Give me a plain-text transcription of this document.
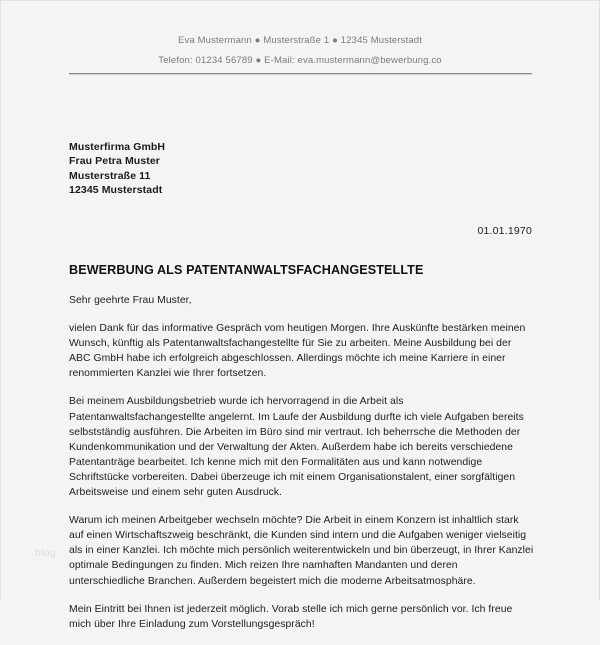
Eva Mustermann ● Musterstraße 1 ● 12345 Musterstadt
Telefon: 01234 56789 ● E-Mail: eva.mustermann@bewerbung.co
Musterfirma GmbH
Frau Petra Muster
Musterstraße 11
12345 Musterstadt
01.01.1970
BEWERBUNG ALS PATENTANWALTSFACHANGESTELLTE

Sehr geehrte Frau Muster,

vielen Dank für das informative Gespräch vom heutigen Morgen. Ihre Auskünfte bestärken meinen Wunsch, künftig als Patentanwaltsfachangestellte für Sie zu arbeiten. Meine Ausbildung bei der ABC GmbH habe ich erfolgreich abgeschlossen. Allerdings möchte ich meine Karriere in einer renommierten Kanzlei wie Ihrer fortsetzen.

Bei meinem Ausbildungsbetrieb wurde ich hervorragend in die Arbeit als Patentanwaltsfachangestellte angelernt. Im Laufe der Ausbildung durfte ich viele Aufgaben bereits selbstständig ausführen. Die Arbeiten im Büro sind mir vertraut. Ich beherrsche die Methoden der Kundenkommunikation und der Verwaltung der Akten. Außerdem habe ich bereits verschiedene Patentanträge bearbeitet. Ich kenne mich mit den Formalitäten aus und kann notwendige Schriftstücke vorbereiten. Dabei überzeuge ich mit einem Organisationstalent, einer sorgfältigen Arbeitsweise und einem sehr guten Ausdruck.

Warum ich meinen Arbeitgeber wechseln möchte? Die Arbeit in einem Konzern ist inhaltlich stark auf einen Wirtschaftszweig beschränkt, die Kunden sind intern und die Aufgaben weniger vielseitig als in einer Kanzlei. Ich möchte mich persönlich weiterentwickeln und bin überzeugt, in Ihrer Kanzlei optimale Bedingungen zu finden. Mich reizen Ihre namhaften Mandanten und deren unterschiedliche Branchen. Außerdem begeistert mich die moderne Arbeitsatmosphäre.

Mein Eintritt bei Ihnen ist jederzeit möglich. Vorab stelle ich mich gerne persönlich vor. Ich freue mich über Ihre Einladung zum Vorstellungsgespräch!

blog
